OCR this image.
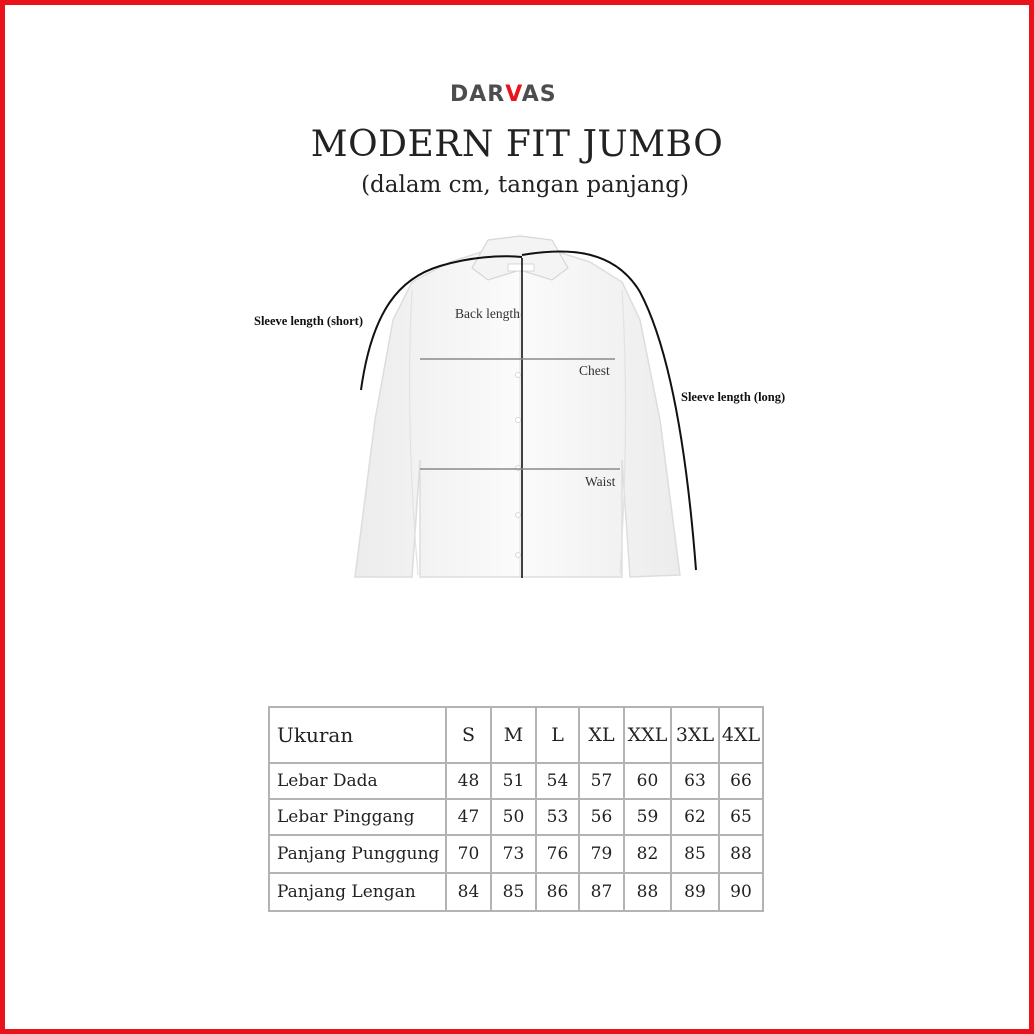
DARVAS
MODERN FIT JUMBO
(dalam cm, tangan panjang)
Sleeve length (short)	Back length
Chest
Sleeve length (long)
Waist
Ukuran	S	M	L	XL	XXL	3XL	4XL
Lebar Dada	48	51	54	57	60	63	66
Lebar Pinggang	47	50	53	56	59	62	65
Panjang Punggung	70	73	76	79	82	85	88
Panjang Lengan	84	85	86	87	88	89	90
